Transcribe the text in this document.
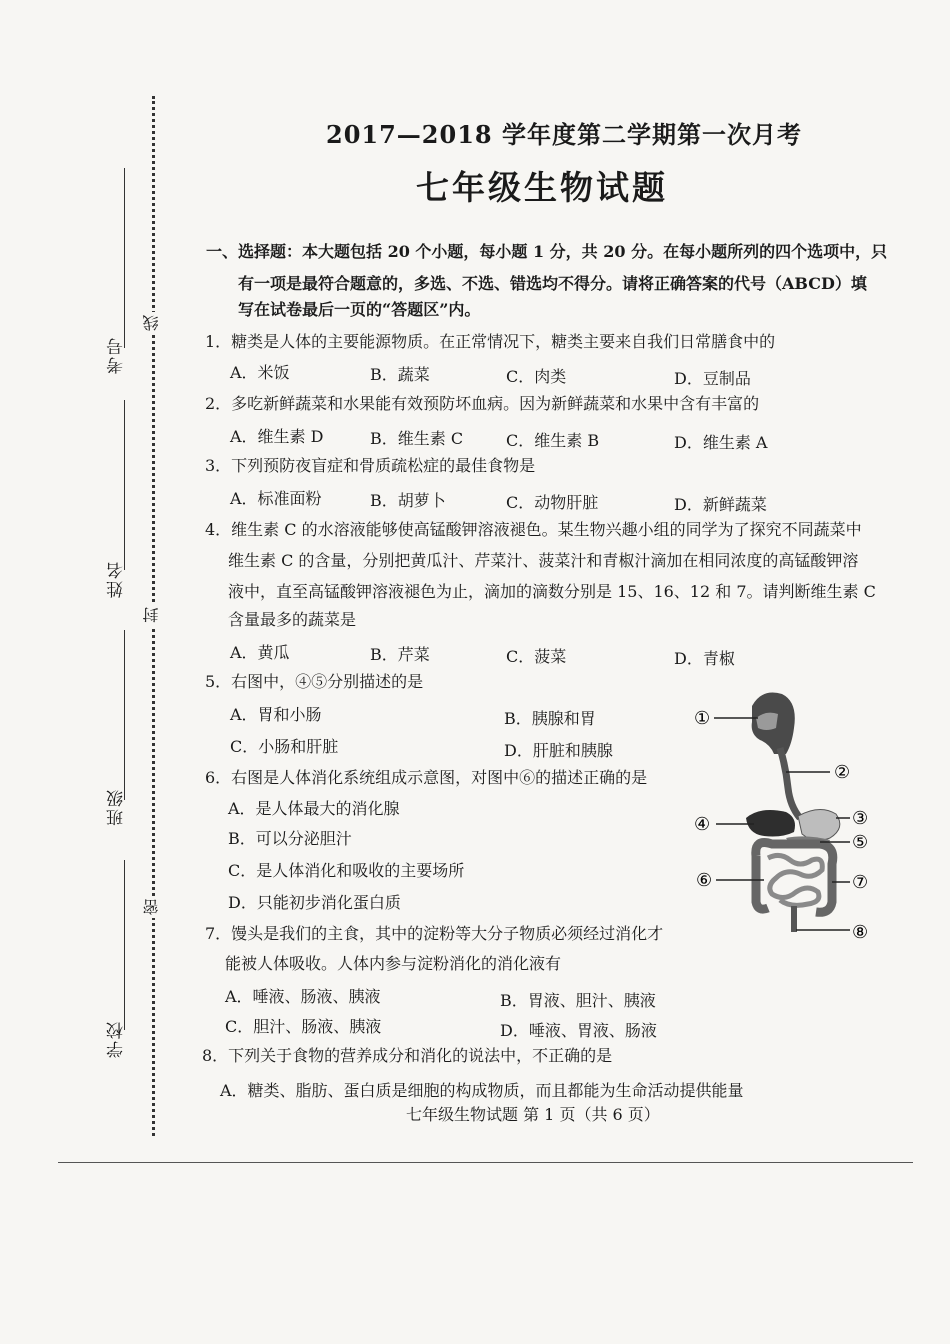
考号
姓名
班级
学校
线
封
密
2017—2018 学年度第二学期第一次月考
七年级生物试题
一、选择题：本大题包括 20 个小题，每小题 1 分，共 20 分。在每小题所列的四个选项中，只
有一项是最符合题意的，多选、不选、错选均不得分。请将正确答案的代号（ABCD）填
写在试卷最后一页的“答题区”内。
1．糖类是人体的主要能源物质。在正常情况下，糖类主要来自我们日常膳食中的
A．米饭	B．蔬菜	C．肉类	D．豆制品
2．多吃新鲜蔬菜和水果能有效预防坏血病。因为新鲜蔬菜和水果中含有丰富的
A．维生素 D	B．维生素 C	C．维生素 B	D．维生素 A
3．下列预防夜盲症和骨质疏松症的最佳食物是
A．标准面粉	B．胡萝卜	C．动物肝脏	D．新鲜蔬菜
4．维生素 C 的水溶液能够使高锰酸钾溶液褪色。某生物兴趣小组的同学为了探究不同蔬菜中
维生素 C 的含量，分别把黄瓜汁、芹菜汁、菠菜汁和青椒汁滴加在相同浓度的高锰酸钾溶
液中，直至高锰酸钾溶液褪色为止，滴加的滴数分别是 15、16、12 和 7。请判断维生素 C
含量最多的蔬菜是
A．黄瓜	B．芹菜	C．菠菜	D．青椒
5．右图中，④⑤分别描述的是
A．胃和小肠	B．胰腺和胃
C．小肠和肝脏	D．肝脏和胰腺
6．右图是人体消化系统组成示意图，对图中⑥的描述正确的是
A．是人体最大的消化腺
B．可以分泌胆汁
C．是人体消化和吸收的主要场所
D．只能初步消化蛋白质
7．馒头是我们的主食，其中的淀粉等大分子物质必须经过消化才
能被人体吸收。人体内参与淀粉消化的消化液有
A．唾液、肠液、胰液	B．胃液、胆汁、胰液
C．胆汁、肠液、胰液	D．唾液、胃液、肠液
8．下列关于食物的营养成分和消化的说法中，不正确的是
A．糖类、脂肪、蛋白质是细胞的构成物质，而且都能为生命活动提供能量
①
②
③
④
⑤
⑥	⑦
⑧
七年级生物试题 第 1 页（共 6 页）
